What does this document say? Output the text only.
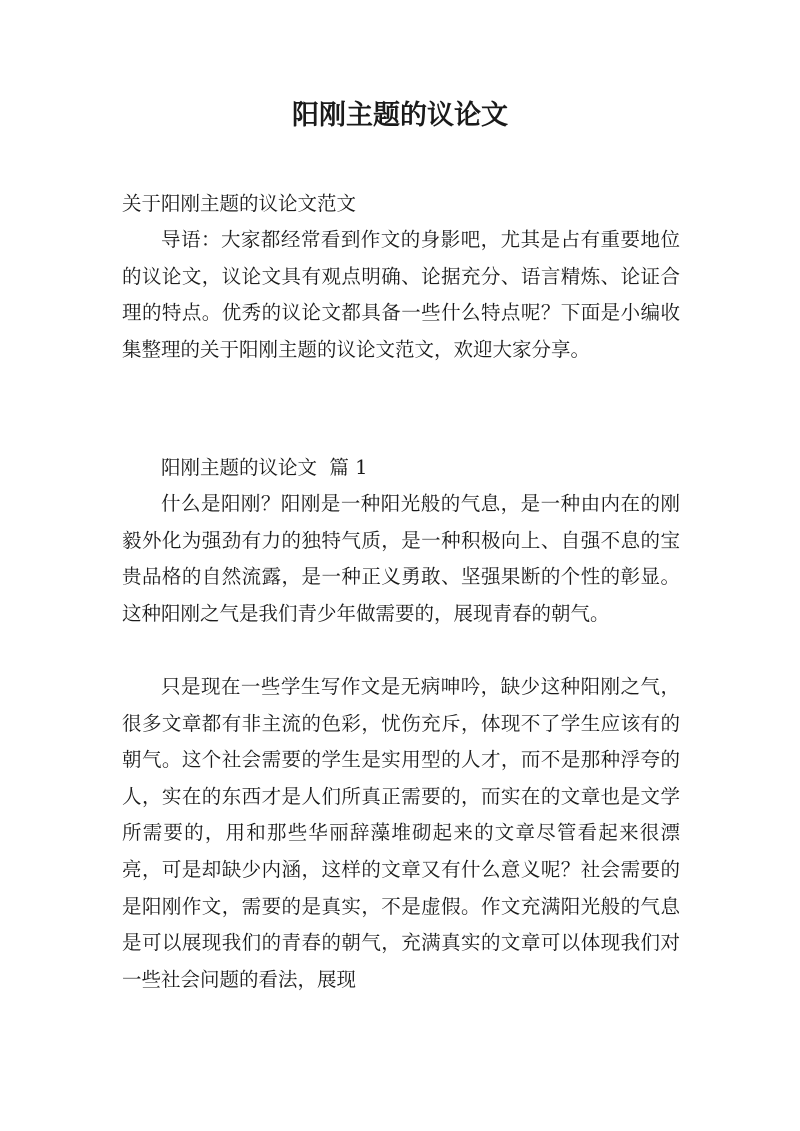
阳刚主题的议论文

关于阳刚主题的议论文范文

导语：大家都经常看到作文的身影吧，尤其是占有重要地位的议论文，议论文具有观点明确、论据充分、语言精炼、论证合理的特点。优秀的议论文都具备一些什么特点呢？下面是小编收集整理的关于阳刚主题的议论文范文，欢迎大家分享。

阳刚主题的议论文  篇 1

什么是阳刚？阳刚是一种阳光般的气息，是一种由内在的刚毅外化为强劲有力的独特气质，是一种积极向上、自强不息的宝贵品格的自然流露，是一种正义勇敢、坚强果断的个性的彰显。这种阳刚之气是我们青少年做需要的，展现青春的朝气。

只是现在一些学生写作文是无病呻吟，缺少这种阳刚之气，很多文章都有非主流的色彩，忧伤充斥，体现不了学生应该有的朝气。这个社会需要的学生是实用型的人才，而不是那种浮夸的人，实在的东西才是人们所真正需要的，而实在的文章也是文学所需要的，用和那些华丽辞藻堆砌起来的文章尽管看起来很漂亮，可是却缺少内涵，这样的文章又有什么意义呢？社会需要的是阳刚作文，需要的是真实，不是虚假。作文充满阳光般的气息是可以展现我们的青春的朝气，充满真实的文章可以体现我们对一些社会问题的看法，展现
